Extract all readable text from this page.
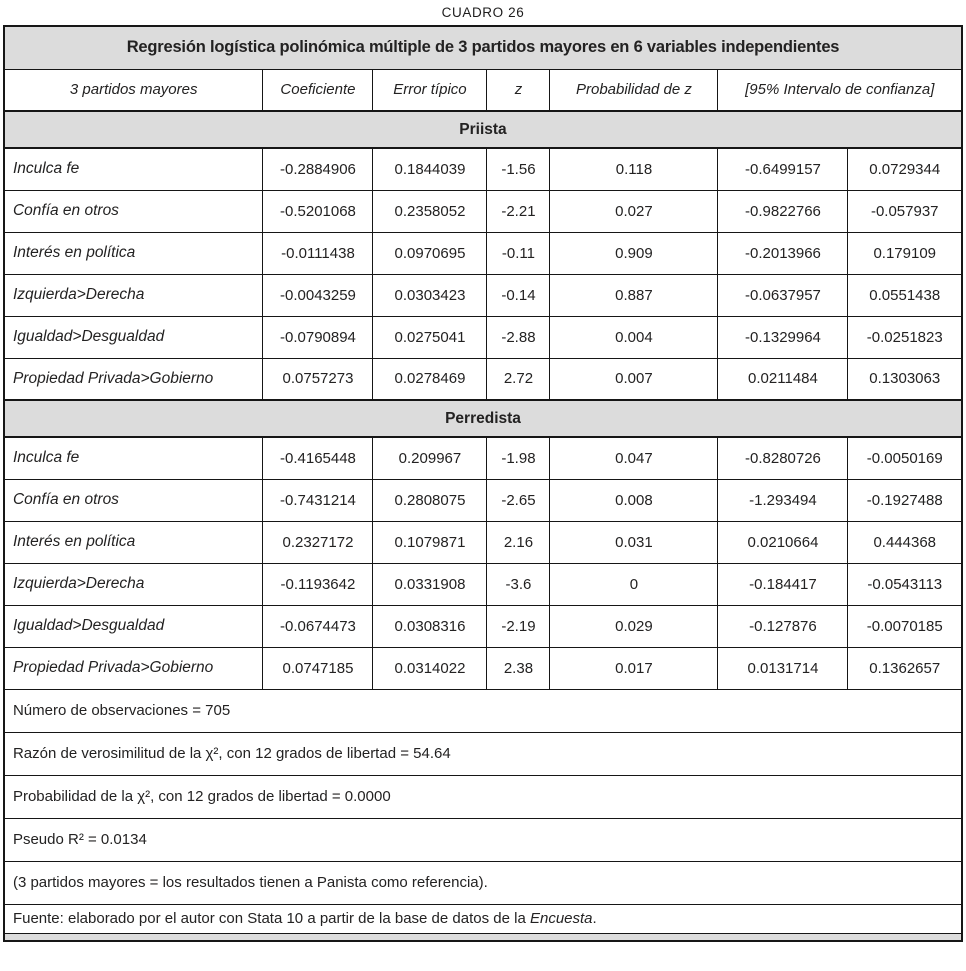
CUADRO 26
Regresión logística polinómica múltiple de 3 partidos mayores en 6 variables independientes						
3 partidos mayores	Coeficiente	Error típico	z	Probabilidad de z	[95% Intervalo de confianza]	
Priista						
Inculca fe	-0.2884906	0.1844039	-1.56	0.118	-0.6499157	0.0729344
Confía en otros	-0.5201068	0.2358052	-2.21	0.027	-0.9822766	-0.057937
Interés en política	-0.0111438	0.0970695	-0.11	0.909	-0.2013966	0.179109
Izquierda>Derecha	-0.0043259	0.0303423	-0.14	0.887	-0.0637957	0.0551438
Igualdad>Desgualdad	-0.0790894	0.0275041	-2.88	0.004	-0.1329964	-0.0251823
Propiedad Privada>Gobierno	0.0757273	0.0278469	2.72	0.007	0.0211484	0.1303063
Perredista						
Inculca fe	-0.4165448	0.209967	-1.98	0.047	-0.8280726	-0.0050169
Confía en otros	-0.7431214	0.2808075	-2.65	0.008	-1.293494	-0.1927488
Interés en política	0.2327172	0.1079871	2.16	0.031	0.0210664	0.444368
Izquierda>Derecha	-0.1193642	0.0331908	-3.6	0	-0.184417	-0.0543113
Igualdad>Desgualdad	-0.0674473	0.0308316	-2.19	0.029	-0.127876	-0.0070185
Propiedad Privada>Gobierno	0.0747185	0.0314022	2.38	0.017	0.0131714	0.1362657
Número de observaciones = 705						
Razón de verosimilitud de la χ², con 12 grados de libertad = 54.64						
Probabilidad de la χ², con 12 grados de libertad = 0.0000						
Pseudo R² = 0.0134						
(3 partidos mayores = los resultados tienen a Panista como referencia).						
Fuente: elaborado por el autor con Stata 10 a partir de la base de datos de la Encuesta.						
